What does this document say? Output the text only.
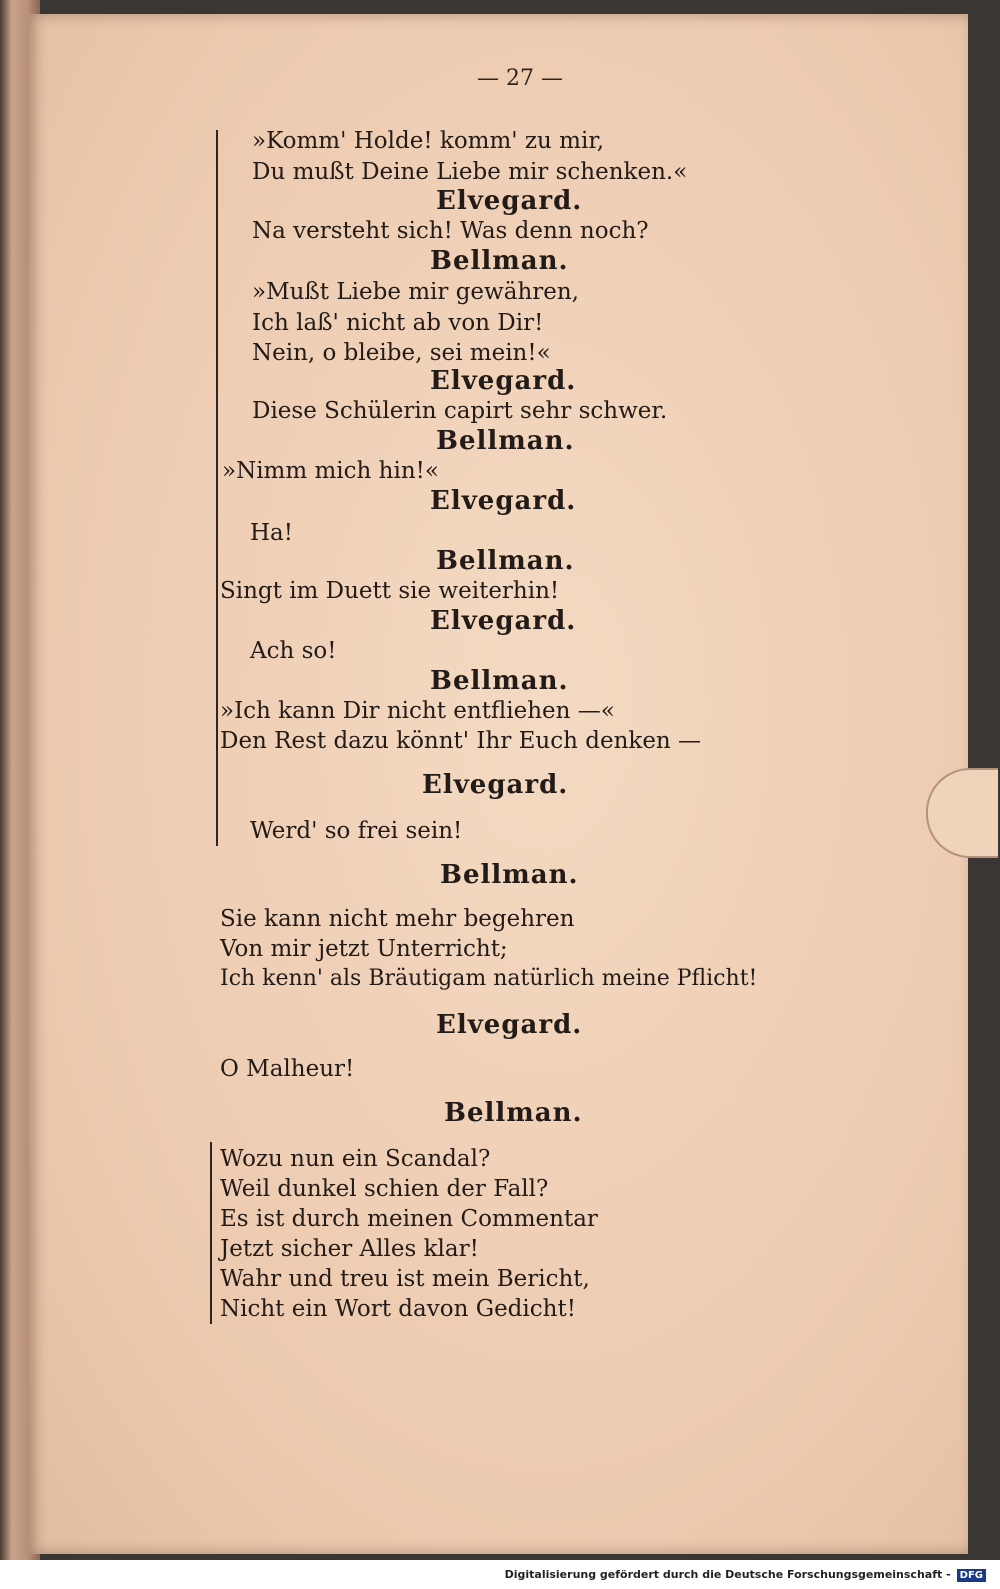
— 27 —
»Komm' Holde! komm' zu mir,
Du mußt Deine Liebe mir schenken.«
Elvegard.
Na versteht sich! Was denn noch?
Bellman.
»Mußt Liebe mir gewähren,
Ich laß' nicht ab von Dir!
Nein, o bleibe, sei mein!«
Elvegard.
Diese Schülerin capirt sehr schwer.
Bellman.
»Nimm mich hin!«
Elvegard.
Ha!
Bellman.
Singt im Duett sie weiterhin!
Elvegard.
Ach so!
Bellman.
»Ich kann Dir nicht entfliehen —«
Den Rest dazu könnt' Ihr Euch denken —
Elvegard.
Werd' so frei sein!
Bellman.
Sie kann nicht mehr begehren
Von mir jetzt Unterricht;
Ich kenn' als Bräutigam natürlich meine Pflicht!
Elvegard.
O Malheur!
Bellman.
Wozu nun ein Scandal?
Weil dunkel schien der Fall?
Es ist durch meinen Commentar
Jetzt sicher Alles klar!
Wahr und treu ist mein Bericht,
Nicht ein Wort davon Gedicht!
Digitalisierung gefördert durch die Deutsche Forschungsgemeinschaft - DFG
